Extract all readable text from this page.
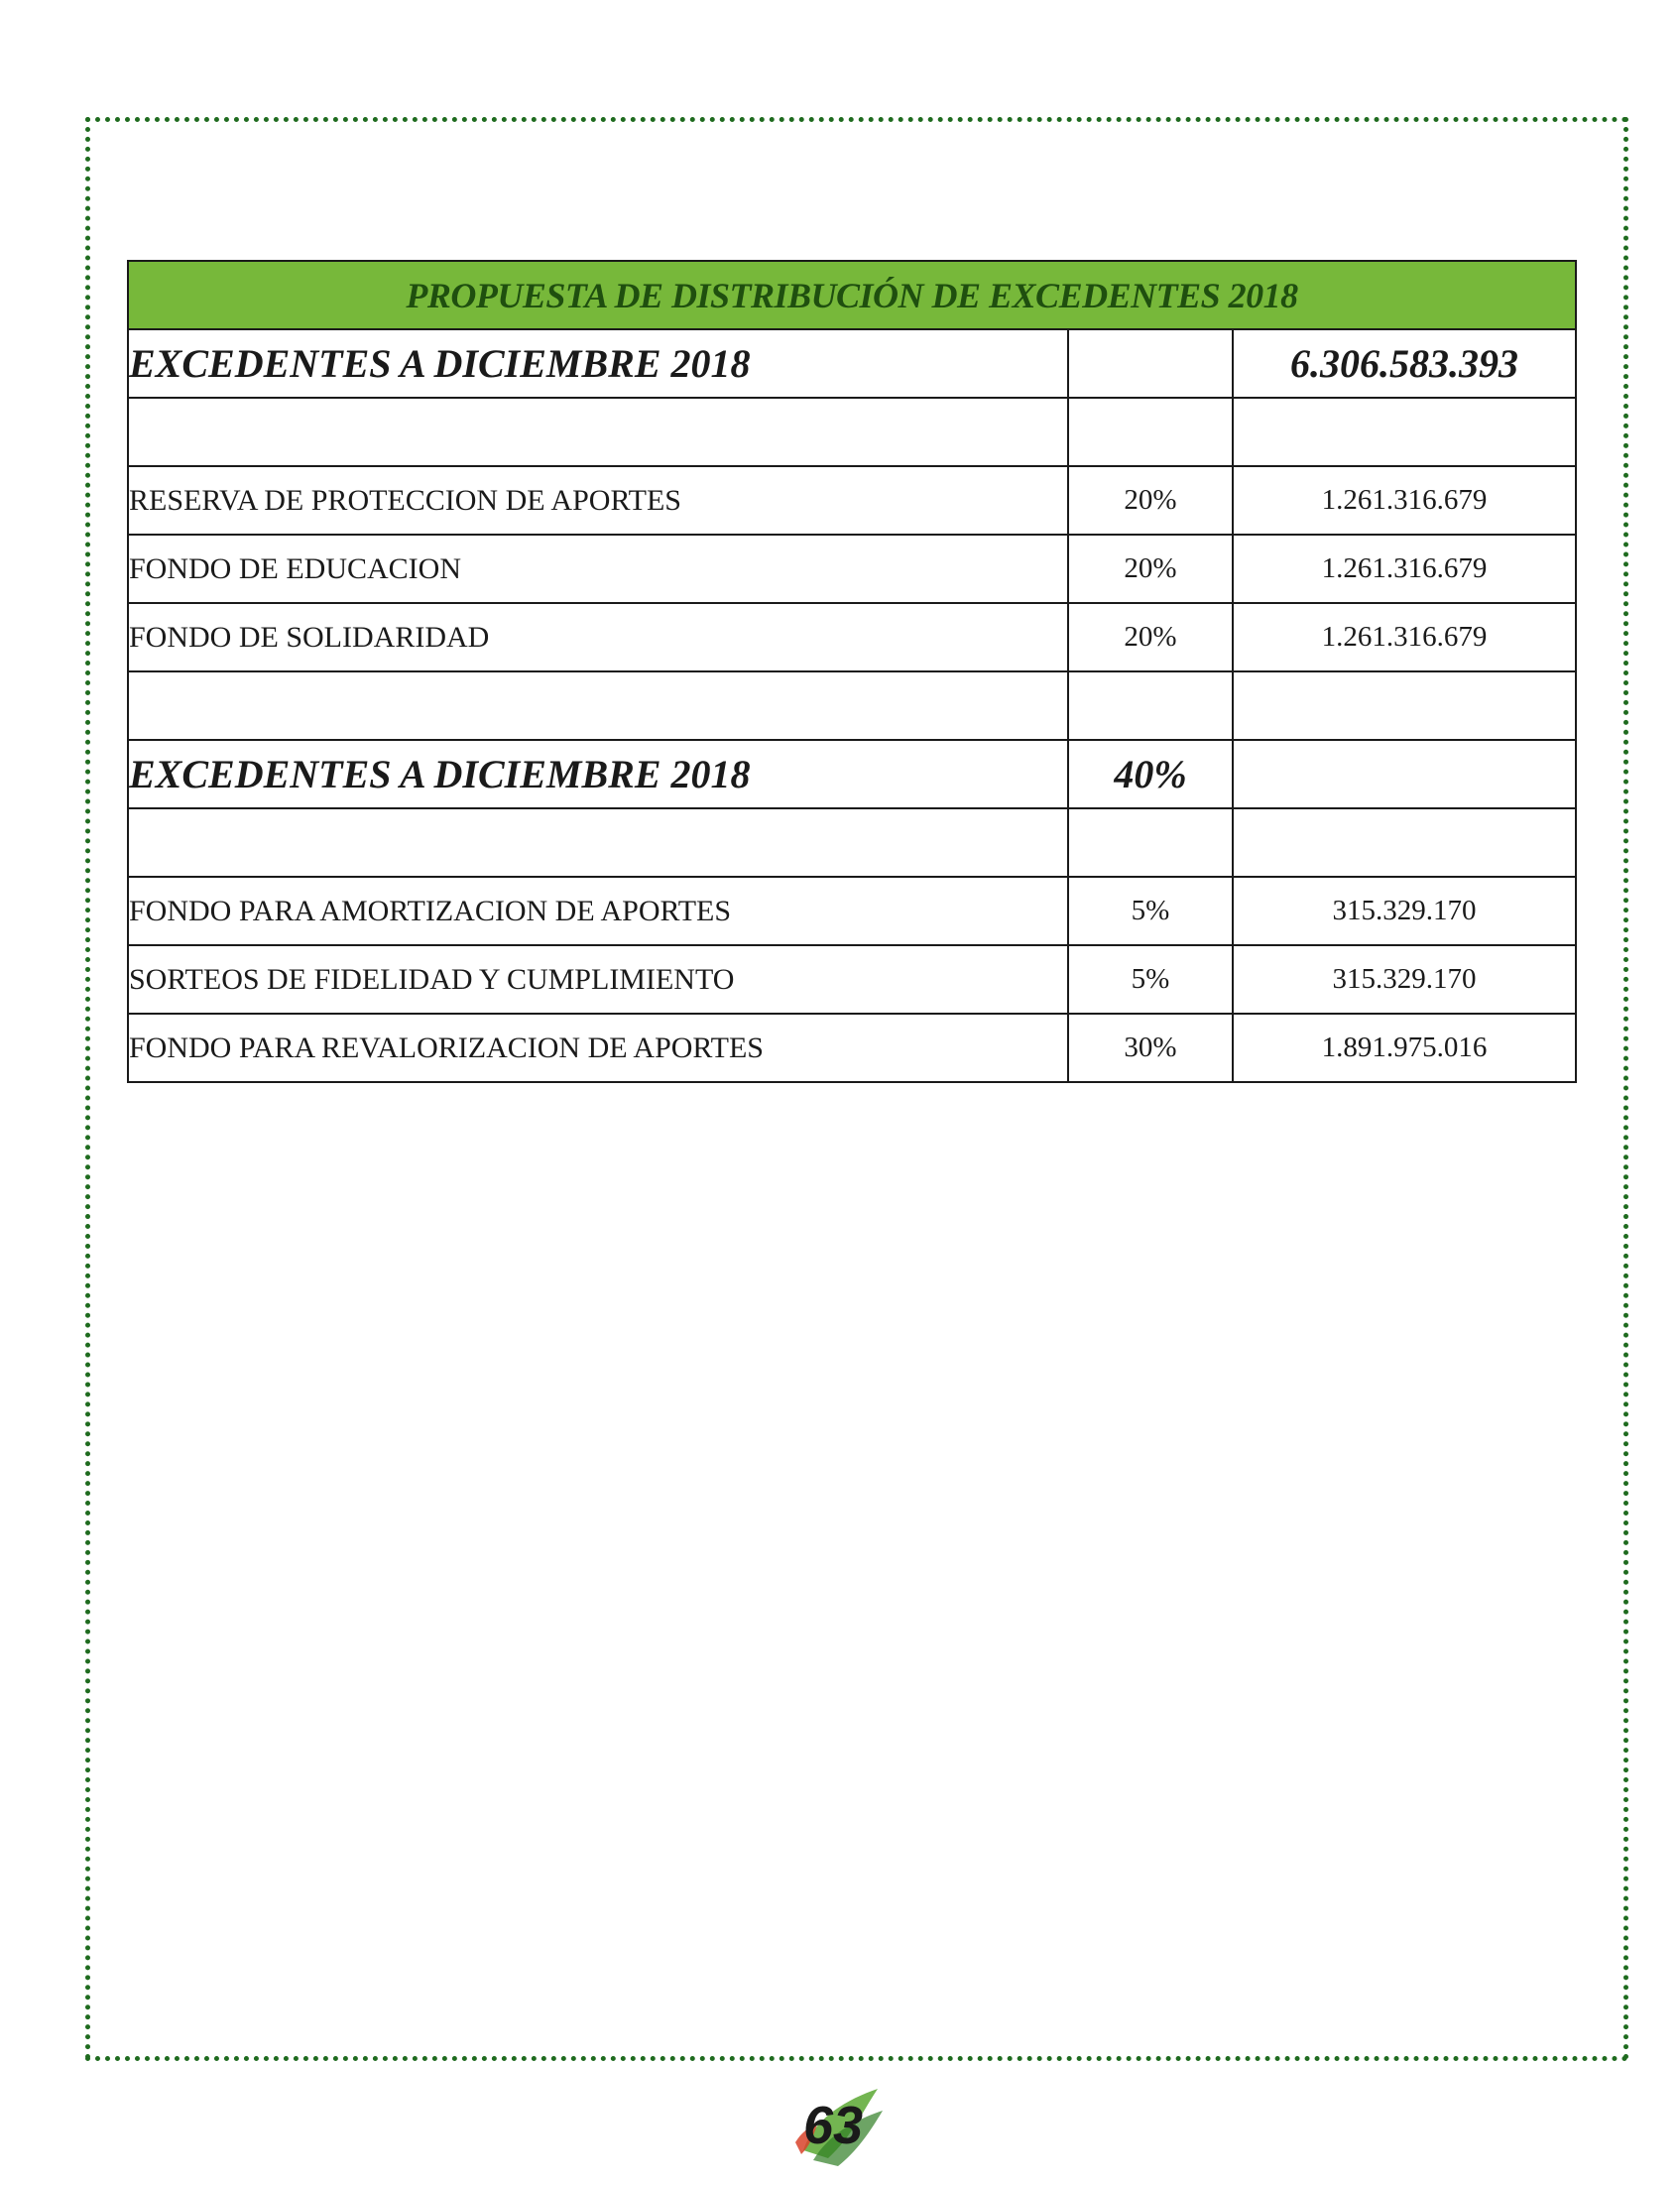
PROPUESTA DE DISTRIBUCIÓN DE EXCEDENTES 2018		
EXCEDENTES A DICIEMBRE 2018		6.306.583.393

RESERVA DE PROTECCION DE APORTES	20%	1.261.316.679
FONDO DE EDUCACION	20%	1.261.316.679
FONDO DE SOLIDARIDAD	20%	1.261.316.679

EXCEDENTES A DICIEMBRE 2018	40%	

FONDO PARA AMORTIZACION DE APORTES	5%	315.329.170
SORTEOS DE FIDELIDAD Y CUMPLIMIENTO	5%	315.329.170
FONDO PARA REVALORIZACION DE APORTES	30%	1.891.975.016
63
